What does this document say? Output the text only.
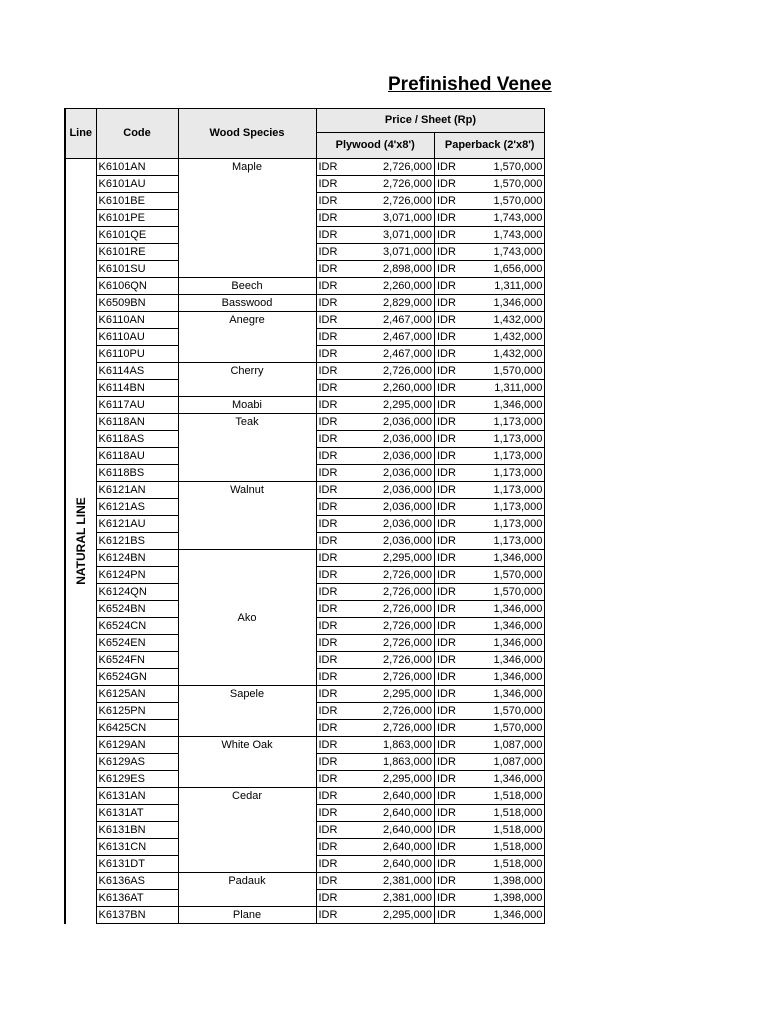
Prefinished Venee
Line	Code	Wood Species	Price / Sheet (Rp)			
			Plywood (4'x8')		Paperback (2'x8')	

NATURAL LINE	K6101AN	Maple	IDR	2,726,000	IDR	1,570,000
	K6101AU		IDR	2,726,000	IDR	1,570,000
	K6101BE		IDR	2,726,000	IDR	1,570,000
	K6101PE		IDR	3,071,000	IDR	1,743,000
	K6101QE		IDR	3,071,000	IDR	1,743,000
	K6101RE		IDR	3,071,000	IDR	1,743,000
	K6101SU		IDR	2,898,000	IDR	1,656,000
	K6106QN	Beech	IDR	2,260,000	IDR	1,311,000
	K6509BN	Basswood	IDR	2,829,000	IDR	1,346,000
	K6110AN	Anegre	IDR	2,467,000	IDR	1,432,000
	K6110AU		IDR	2,467,000	IDR	1,432,000
	K6110PU		IDR	2,467,000	IDR	1,432,000
	K6114AS	Cherry	IDR	2,726,000	IDR	1,570,000
	K6114BN		IDR	2,260,000	IDR	1,311,000
	K6117AU	Moabi	IDR	2,295,000	IDR	1,346,000
	K6118AN	Teak	IDR	2,036,000	IDR	1,173,000
	K6118AS		IDR	2,036,000	IDR	1,173,000
	K6118AU		IDR	2,036,000	IDR	1,173,000
	K6118BS		IDR	2,036,000	IDR	1,173,000
	K6121AN	Walnut	IDR	2,036,000	IDR	1,173,000
	K6121AS		IDR	2,036,000	IDR	1,173,000
	K6121AU		IDR	2,036,000	IDR	1,173,000
	K6121BS		IDR	2,036,000	IDR	1,173,000
	K6124BN	Ako	IDR	2,295,000	IDR	1,346,000
	K6124PN		IDR	2,726,000	IDR	1,570,000
	K6124QN		IDR	2,726,000	IDR	1,570,000
	K6524BN		IDR	2,726,000	IDR	1,346,000
	K6524CN		IDR	2,726,000	IDR	1,346,000
	K6524EN		IDR	2,726,000	IDR	1,346,000
	K6524FN		IDR	2,726,000	IDR	1,346,000
	K6524GN		IDR	2,726,000	IDR	1,346,000
	K6125AN	Sapele	IDR	2,295,000	IDR	1,346,000
	K6125PN		IDR	2,726,000	IDR	1,570,000
	K6425CN		IDR	2,726,000	IDR	1,570,000
	K6129AN	White Oak	IDR	1,863,000	IDR	1,087,000
	K6129AS		IDR	1,863,000	IDR	1,087,000
	K6129ES		IDR	2,295,000	IDR	1,346,000
	K6131AN	Cedar	IDR	2,640,000	IDR	1,518,000
	K6131AT		IDR	2,640,000	IDR	1,518,000
	K6131BN		IDR	2,640,000	IDR	1,518,000
	K6131CN		IDR	2,640,000	IDR	1,518,000
	K6131DT		IDR	2,640,000	IDR	1,518,000
	K6136AS	Padauk	IDR	2,381,000	IDR	1,398,000
	K6136AT		IDR	2,381,000	IDR	1,398,000
	K6137BN	Plane	IDR	2,295,000	IDR	1,346,000
